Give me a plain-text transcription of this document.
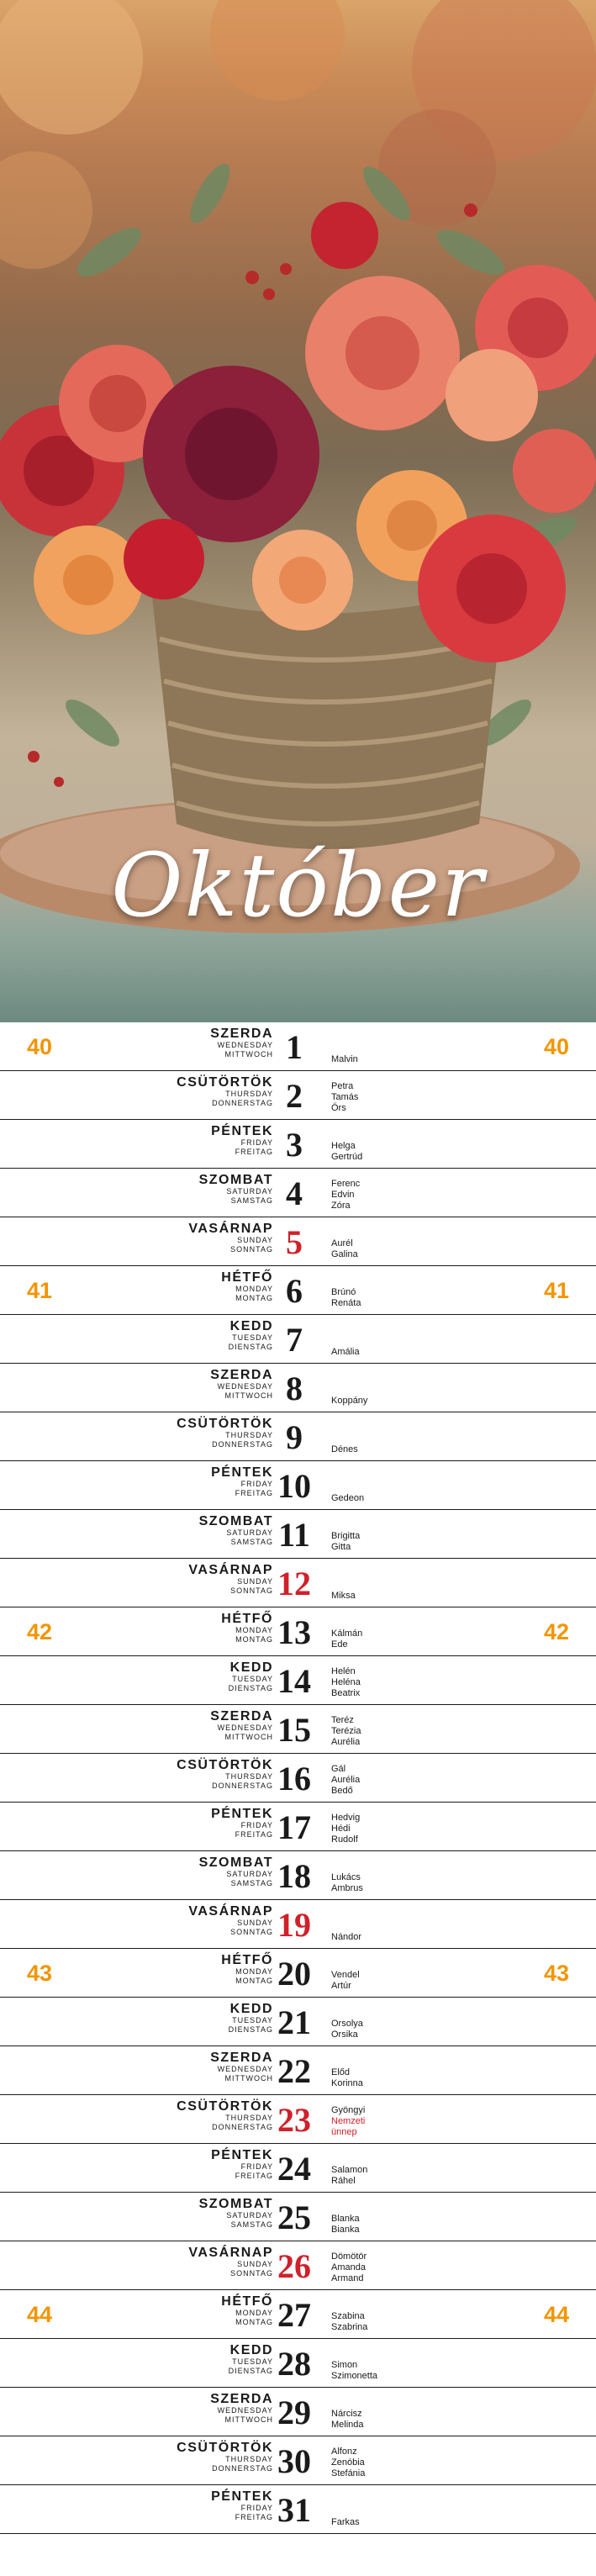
Október
40	40
SZERDA
WEDNESDAY
MITTWOCH 1	Malvin
CSÜTÖRTÖK
THURSDAY
DONNERSTAG 2	Petra
Tamás
Örs
PÉNTEK
FRIDAY
FREITAG 3	Helga
Gertrúd
SZOMBAT
SATURDAY
SAMSTAG 4	Ferenc
Edvin
Zóra
VASÁRNAP
SUNDAY
SONNTAG 5	Aurél
Galina
41	41
HÉTFŐ
MONDAY
MONTAG 6	Brúnó
Renáta
KEDD
TUESDAY
DIENSTAG 7	Amália
SZERDA
WEDNESDAY
MITTWOCH 8	Koppány
CSÜTÖRTÖK
THURSDAY
DONNERSTAG 9	Dénes
PÉNTEK
FRIDAY
FREITAG 10	Gedeon
SZOMBAT
SATURDAY
SAMSTAG 11	Brigitta
Gitta
VASÁRNAP
SUNDAY
SONNTAG 12	Miksa
42	42
HÉTFŐ
MONDAY
MONTAG 13	Kálmán
Ede
KEDD
TUESDAY
DIENSTAG 14	Helén
Heléna
Beatrix
SZERDA
WEDNESDAY
MITTWOCH 15	Teréz
Terézia
Aurélia
CSÜTÖRTÖK
THURSDAY
DONNERSTAG 16	Gál
Aurélia
Bedő
PÉNTEK
FRIDAY
FREITAG 17	Hedvig
Hédi
Rudolf
SZOMBAT
SATURDAY
SAMSTAG 18	Lukács
Ambrus
VASÁRNAP
SUNDAY
SONNTAG 19	Nándor
43	43
HÉTFŐ
MONDAY
MONTAG 20	Vendel
Artúr
KEDD
TUESDAY
DIENSTAG 21	Orsolya
Orsika
SZERDA
WEDNESDAY
MITTWOCH 22	Előd
Korinna
CSÜTÖRTÖK
THURSDAY
DONNERSTAG 23	Gyöngyi
Nemzeti
ünnep
PÉNTEK
FRIDAY
FREITAG 24	Salamon
Ráhel
SZOMBAT
SATURDAY
SAMSTAG 25	Blanka
Bianka
VASÁRNAP
SUNDAY
SONNTAG 26	Dömötör
Amanda
Armand
44	44
HÉTFŐ
MONDAY
MONTAG 27	Szabina
Szabrina
KEDD
TUESDAY
DIENSTAG 28	Simon
Szimonetta
SZERDA
WEDNESDAY
MITTWOCH 29	Nárcisz
Melinda
CSÜTÖRTÖK
THURSDAY
DONNERSTAG 30	Alfonz
Zenóbia
Stefánia
PÉNTEK
FRIDAY
FREITAG 31	Farkas
